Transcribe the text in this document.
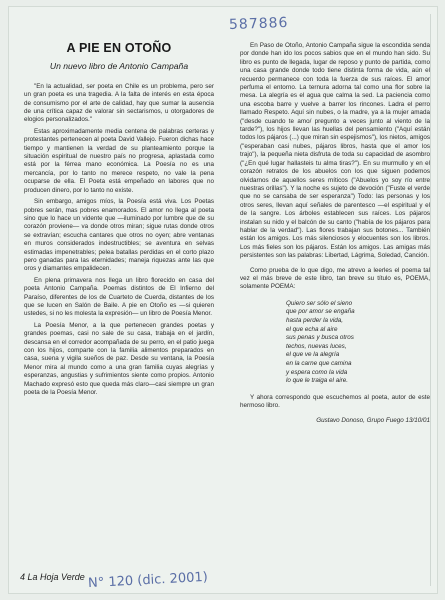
587886
A PIE EN OTOÑO
Un nuevo libro de Antonio Campaña

"En la actualidad, ser poeta en Chile es un problema, pero ser un gran poeta es una tragedia. A la falta de interés en esta época de consumismo por el arte de calidad, hay que sumar la ausencia de una crítica capaz de valorar sin sectarismos, u otorgadores de elogios personalizados."

Estas aproximadamente media centena de palabras certeras y protestantes pertenecen al poeta David Vallejo. Fueron dichas hace tiempo y mantienen la verdad de su planteamiento porque la situación espiritual de nuestro país no progresa, aplastada como está por la férrea mano económica. La Poesía no es una mercancía, por lo tanto no merece respeto, no vale la pena ocuparse de ella. El Poeta está empeñado en labores que no producen dinero, por lo tanto no existe.

Sin embargo, amigos míos, la Poesía está viva. Los Poetas pobres serán, mas pobres enamorados. El amor no llega al poeta sino que lo hace un vidente que —iluminado por lumbre que de su corazón proviene— va donde otros miran; sigue rutas donde otros se extravían; escucha cantares que otros no oyen; abre ventanas en muros considerados indestructibles; se aventura en selvas estimadas impenetrables; pelea batallas perdidas en el corto plazo pero ganadas para las eternidades; maneja riquezas ante las que oros y diamantes empalidecen.

En plena primavera nos llega un libro florecido en casa del poeta Antonio Campaña. Poemas distintos de El Infierno del Paraíso, diferentes de los de Cuarteto de Cuerda, distantes de los que se lucen en Salón de Baile. A pie en Otoño es —si quieren ustedes, si no les molesta la expresión— un libro de Poesía Menor.

La Poesía Menor, a la que pertenecen grandes poetas y grandes poemas, casi no sale de su casa, trabaja en el jardín, descansa en el corredor acompañada de su perro, en el patio juega con los hijos, comparte con la familia alimentos preparados en casa, suena y vigila sueños de paz. Desde su ventana, la Poesía Menor mira al mundo como a una gran familia cuyas alegrías y esperanzas, angustias y sufrimientos siente como propios. Antonio Machado expresó esto que queda más claro—casi siempre un gran poeta de la Poesía Menor.

En Paso de Otoño, Antonio Campaña sigue la escondida senda por donde han ido los pocos sabios que en el mundo han sido. Su libro es punto de llegada, lugar de reposo y punto de partida, como una casa grande donde todo tiene distinta forma de vida, aún el recuerdo permanece con toda la fuerza de sus raíces. El amor perfuma el entorno. La ternura adorna tal como una flor sobre la mesa. La alegría es el agua que calma la sed. La paciencia como una escoba barre y vuelve a barrer los rincones. Ladra el perro llamado Respeto. Aquí sin nubes, o la madre, ya a la mujer amada ("desde cuando te amo/ pregunto a veces junto al viento de la tarde?"), los hijos llevan las huellas del pensamiento ("Aquí están todos los pájaros (...) que miran sin espejismos"), los nietos, amigos ("esperaban casi nubes, pájaros libros, hasta que el amor los trajo"), la pequeña nieta disfruta de toda su capacidad de asombro ("¿En qué lugar hallasteis tu alma tiras?"). En su murmullo y en el corazón retratos de los abuelos con los que siguen podemos olvidarnos de aquellos seres míticos ("Abuelos yo soy río entre nuestras orillas"). Y la noche es sujeto de devoción ("Fuste el verde que no se cansaba de ser esperanza") Todo: las personas y los otros seres, llevan aquí señales de parentesco —el espiritual y el de la sangre. Los árboles establecen sus raíces. Los pájaros instalan su nido y el balcón de su canto ("había de los pájaros para hablar de la verdad"). Las flores trabajan sus botones... También están los amigos. Los más silenciosos y elocuentes son los libros. Los más fieles son los pájaros. Están los amigos. Las amigas más persistentes son las palabras: Libertad, Lágrima, Soledad, Canción.

Como prueba de lo que digo, me atrevo a leerles el poema tal vez el más breve de este libro, tan breve su título es, POEMA, solamente POEMA:

Quiero ser sólo el sieno
que por amor se engaña
hasta perder la vida,
el que echa al aire
sus penas y busca otros
techos, nuevas luces,
el que ve la alegría
en la carne que camina
y espera como la vida
lo que le traiga el aire.

Y ahora correspondo que escuchemos al poeta, autor de este hermoso libro.

Gustavo Donoso, Grupo Fuego 13/10/01
4 La Hoja Verde N° 120 (dic. 2001)
